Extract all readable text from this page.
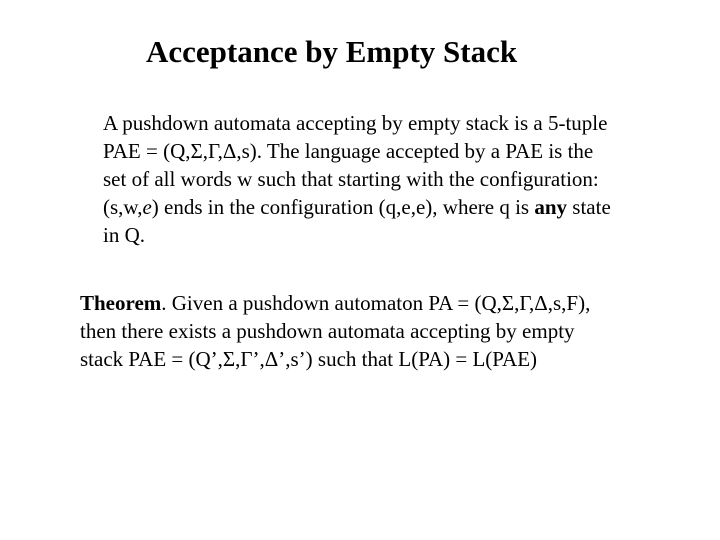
Acceptance by Empty Stack
A pushdown automata accepting by empty stack is a 5-tuple
PAE = (Q,Σ,Γ,Δ,s). The language accepted by a PAE is the
set of all words w such that starting with the configuration:
(s,w,e) ends in the configuration (q,e,e), where q is any state
in Q.
Theorem. Given a pushdown automaton PA = (Q,Σ,Γ,Δ,s,F),
then there exists a pushdown automata accepting by empty
stack PAE = (Q’,Σ,Γ’,Δ’,s’) such that L(PA) = L(PAE)
